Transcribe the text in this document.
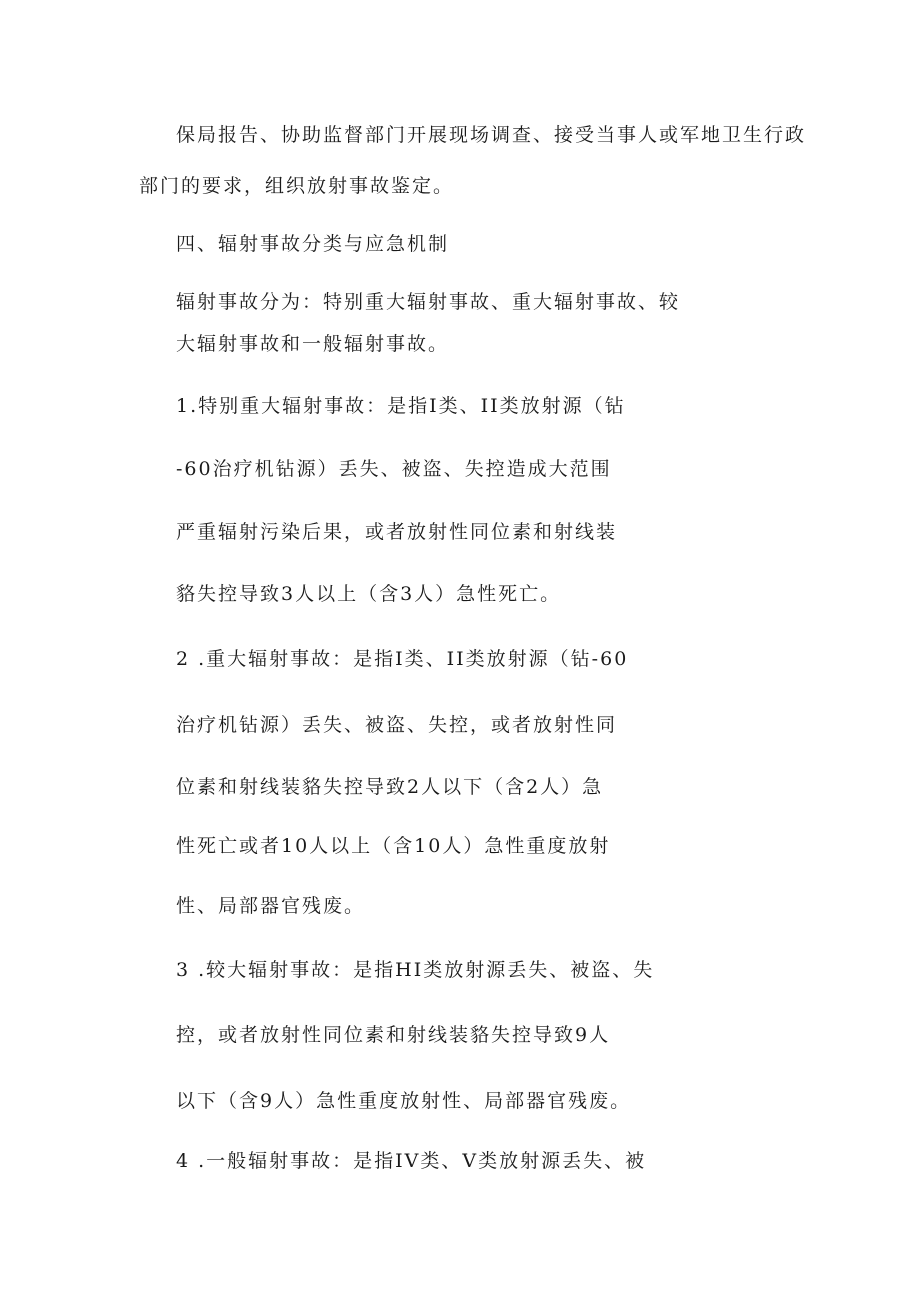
保局报告、协助监督部门开展现场调查、接受当事人或军地卫生行政
部门的要求，组织放射事故鉴定。
四、辐射事故分类与应急机制
辐射事故分为：特别重大辐射事故、重大辐射事故、较
大辐射事故和一般辐射事故。
1.特别重大辐射事故：是指I类、II类放射源（钻
-60治疗机钻源）丢失、被盗、失控造成大范围
严重辐射污染后果，或者放射性同位素和射线装
貉失控导致3人以上（含3人）急性死亡。
2 .重大辐射事故：是指I类、II类放射源（钻-60
治疗机钻源）丢失、被盗、失控，或者放射性同
位素和射线装貉失控导致2人以下（含2人）急
性死亡或者10人以上（含10人）急性重度放射
性、局部器官残废。
3 .较大辐射事故：是指HI类放射源丢失、被盗、失
控，或者放射性同位素和射线装貉失控导致9人
以下（含9人）急性重度放射性、局部器官残废。
4 .一般辐射事故：是指IV类、V类放射源丢失、被
